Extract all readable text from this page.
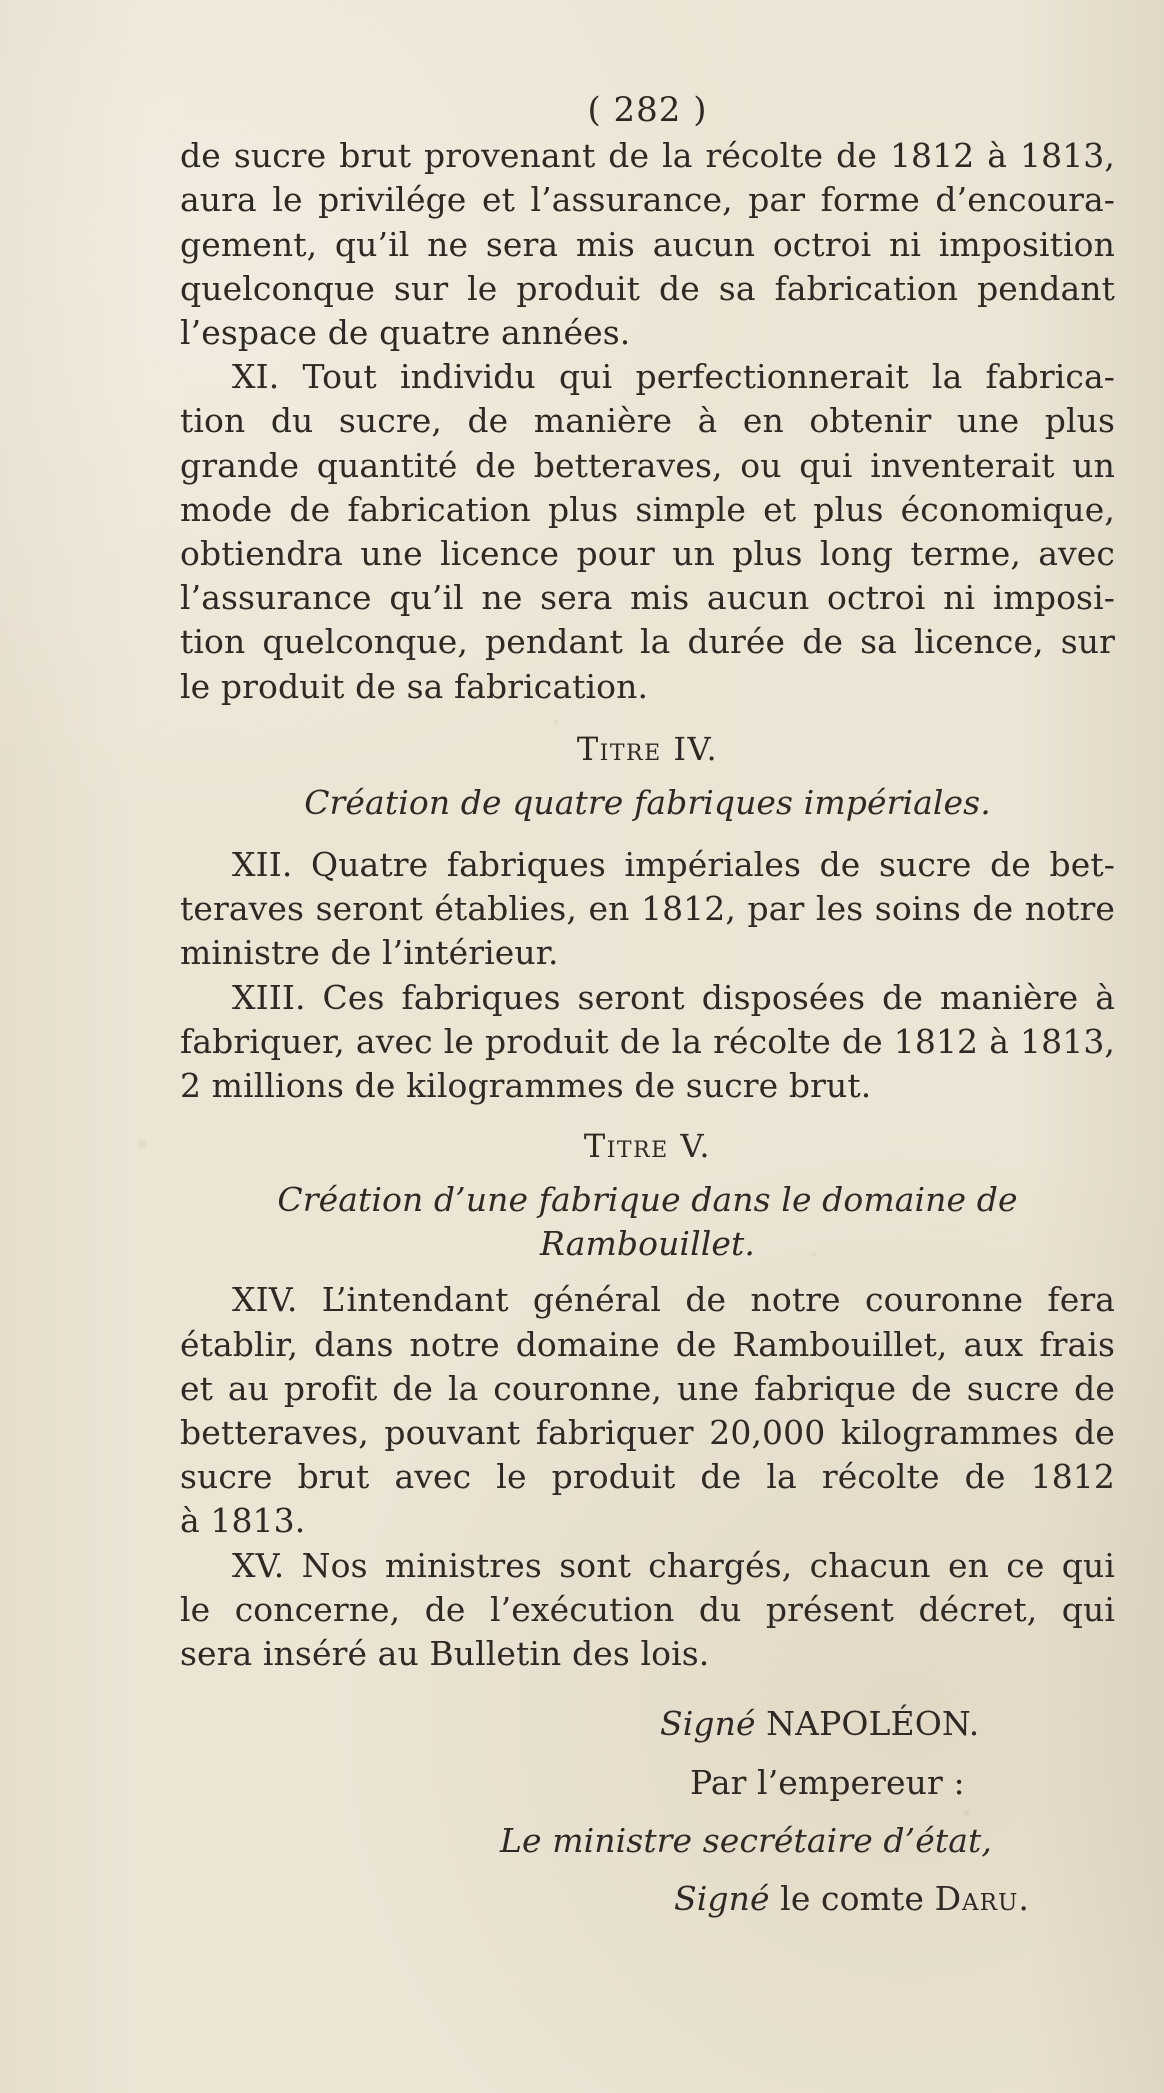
( 282 )
de sucre brut provenant de la récolte de 1812 à 1813,
aura le privilége et l’assurance, par forme d’encoura-
gement, qu’il ne sera mis aucun octroi ni imposition
quelconque sur le produit de sa fabrication pendant
l’espace de quatre années.
XI. Tout individu qui perfectionnerait la fabrica-
tion du sucre, de manière à en obtenir une plus
grande quantité de betteraves, ou qui inventerait un
mode de fabrication plus simple et plus économique,
obtiendra une licence pour un plus long terme, avec
l’assurance qu’il ne sera mis aucun octroi ni imposi-
tion quelconque, pendant la durée de sa licence, sur
le produit de sa fabrication.
Titre IV.
Création de quatre fabriques impériales.
XII. Quatre fabriques impériales de sucre de bet-
teraves seront établies, en 1812, par les soins de notre
ministre de l’intérieur.
XIII. Ces fabriques seront disposées de manière à
fabriquer, avec le produit de la récolte de 1812 à 1813,
2 millions de kilogrammes de sucre brut.
Titre V.
Création d’une fabrique dans le domaine de
Rambouillet.
XIV. L’intendant général de notre couronne fera
établir, dans notre domaine de Rambouillet, aux frais
et au profit de la couronne, une fabrique de sucre de
betteraves, pouvant fabriquer 20,000 kilogrammes de
sucre brut avec le produit de la récolte de 1812
à 1813.
XV. Nos ministres sont chargés, chacun en ce qui
le concerne, de l’exécution du présent décret, qui
sera inséré au Bulletin des lois.
Signé NAPOLÉON.
Par l’empereur :
Le ministre secrétaire d’état,
Signé le comte Daru.
